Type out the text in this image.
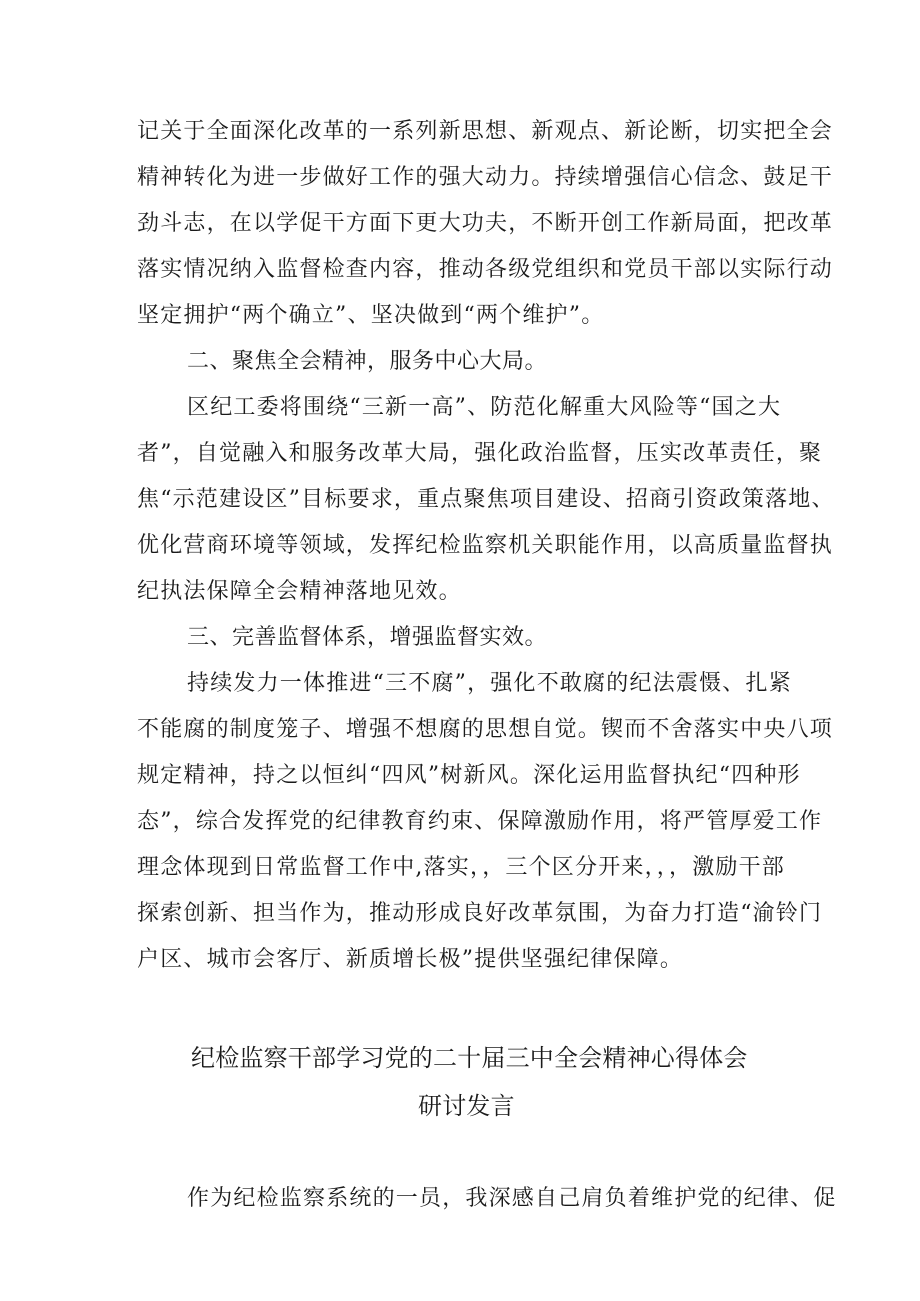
记关于全面深化改革的一系列新思想、新观点、新论断，切实把全会
精神转化为进一步做好工作的强大动力。持续增强信心信念、鼓足干
劲斗志，在以学促干方面下更大功夫，不断开创工作新局面，把改革
落实情况纳入监督检查内容，推动各级党组织和党员干部以实际行动
坚定拥护“两个确立”、坚决做到“两个维护”。
二、聚焦全会精神，服务中心大局。
区纪工委将围绕“三新一高”、防范化解重大风险等“国之大
者”，自觉融入和服务改革大局，强化政治监督，压实改革责任，聚
焦“示范建设区”目标要求，重点聚焦项目建设、招商引资政策落地、
优化营商环境等领域，发挥纪检监察机关职能作用，以高质量监督执
纪执法保障全会精神落地见效。
三、完善监督体系，增强监督实效。
持续发力一体推进“三不腐”，强化不敢腐的纪法震慑、扎紧
不能腐的制度笼子、增强不想腐的思想自觉。锲而不舍落实中央八项
规定精神，持之以恒纠“四风”树新风。深化运用监督执纪“四种形
态”，综合发挥党的纪律教育约束、保障激励作用，将严管厚爱工作
理念体现到日常监督工作中,落实，，三个区分开来，，，激励干部
探索创新、担当作为，推动形成良好改革氛围，为奋力打造“渝铃门
户区、城市会客厅、新质增长极”提供坚强纪律保障。
纪检监察干部学习党的二十届三中全会精神心得体会
研讨发言
作为纪检监察系统的一员，我深感自己肩负着维护党的纪律、促
